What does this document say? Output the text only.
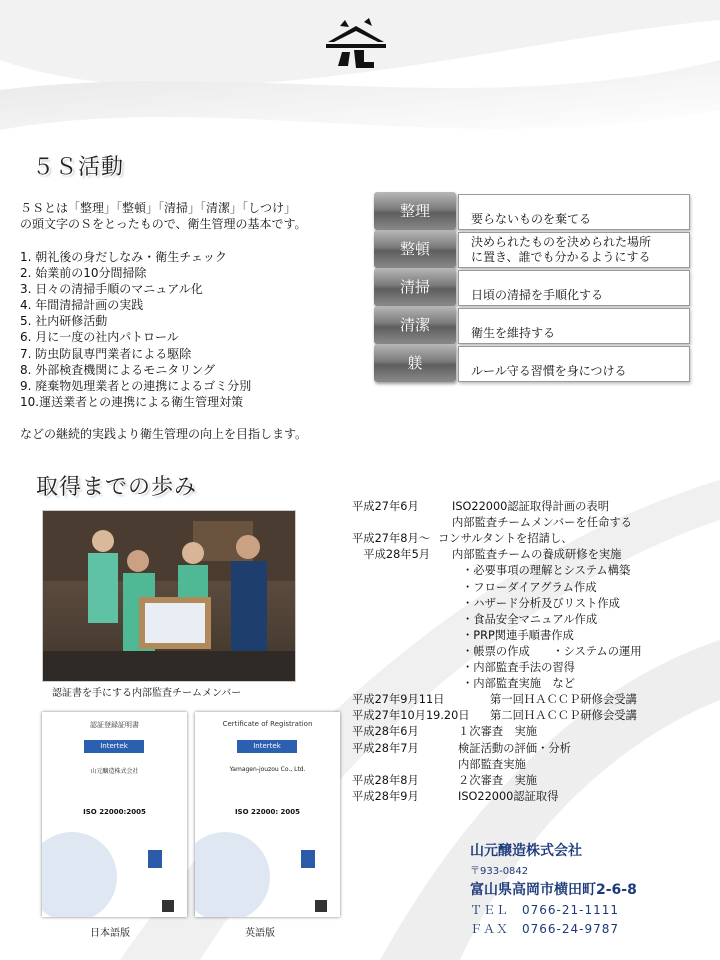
５Ｓ活動
５Ｓとは「整理」「整頓」「清掃」「清潔」「しつけ」
の頭文字のＳをとったもので、衛生管理の基本です。
1. 朝礼後の身だしなみ・衛生チェック
2. 始業前の10分間掃除
3. 日々の清掃手順のマニュアル化
4. 年間清掃計画の実践
5. 社内研修活動
6. 月に一度の社内パトロール
7. 防虫防鼠専門業者による駆除
8. 外部検査機関によるモニタリング
9. 廃棄物処理業者との連携によるゴミ分別
10.運送業者との連携による衛生管理対策
などの継続的実践より衛生管理の向上を目指します。
整理	要らないものを棄てる
整頓	決められたものを決められた場所
に置き、誰でも分かるようにする
清掃	日頃の清掃を手順化する
清潔	衛生を維持する
躾	ルール守る習慣を身につける
取得までの歩み
認証書を手にする内部監査チームメンバー
認証登録証明書
Intertek
山元醸造株式会社
ISO 22000:2005
Certificate of Registration
Intertek
Yamagen-jouzou Co., Ltd.
ISO 22000: 2005
日本語版	英語版
平成27年6月	ISO22000認証取得計画の表明
内部監査チームメンバーを任命する
平成27年8月～ コンサルタントを招請し、
　平成28年5月 内部監査チームの養成研修を実施
・必要事項の理解とシステム構築
・フローダイアグラム作成
・ハザード分析及びリスト作成
・食品安全マニュアル作成
・PRP関連手順書作成
・帳票の作成　　・システムの運用
・内部監査手法の習得
・内部監査実施　など
平成27年9月11日	第一回ＨＡＣＣＰ研修会受講
平成27年10月19.20日 第二回ＨＡＣＣＰ研修会受講
平成28年6月	１次審査　実施
平成28年7月	検証活動の評価・分析
内部監査実施
平成28年8月	２次審査　実施
平成28年9月	ISO22000認証取得
山元醸造株式会社
〒933-0842
富山県高岡市横田町2-6-8
ＴＥＬ　0766-21-1111
ＦＡＸ　0766-24-9787
